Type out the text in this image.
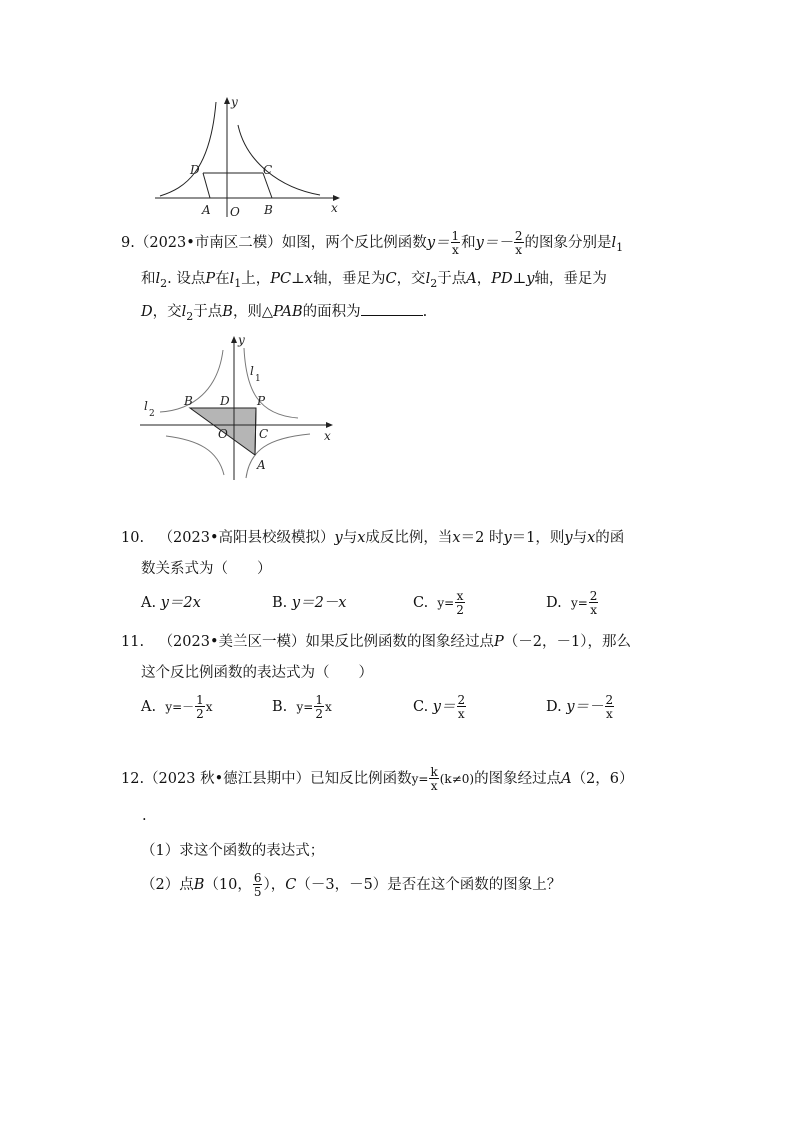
y
x
D	C
A O B
9.（2023•市南区二模）如图，两个反比例函数$y= \frac{1}{x}$ 和$y=- \frac{2}{x}$ 的图象分别是$l_1$
和$l_2$. 设点P在$l_1$上，PC⊥x轴，垂足为C，交$l_2$于点A，PD⊥y轴，垂足为
D，交$l_2$于点B，则△PAB的面积为	.
y
l
1
l
2
B D P
O	C	x
A
10.  （2023•高阳县校级模拟）y与x成反比例，当x＝2 时y＝1，则y与x的函
数关系式为（　　）
A. y＝2x	B. y＝2－x	C. $y= \frac{x}{2}$	D. $y= \frac{2}{x}$
11.  （2023•美兰区一模）如果反比例函数的图象经过点P（－2，－1），那么
这个反比例函数的表达式为（　　）
A. $y=- \frac{1}{2}$ x	B. $y= \frac{1}{2}$ x	C. $y= \frac{2}{x}$	D. $y=- \frac{2}{x}$
12.（2023 秋•德江县期中）已知反比例函数$y= \frac{k}{x} (k\ne 0)$的图象经过点A（2，6）
.
（1）求这个函数的表达式；
（2）点B（10， $\frac{6}{5}$ ），C（－3，－5）是否在这个函数的图象上？
